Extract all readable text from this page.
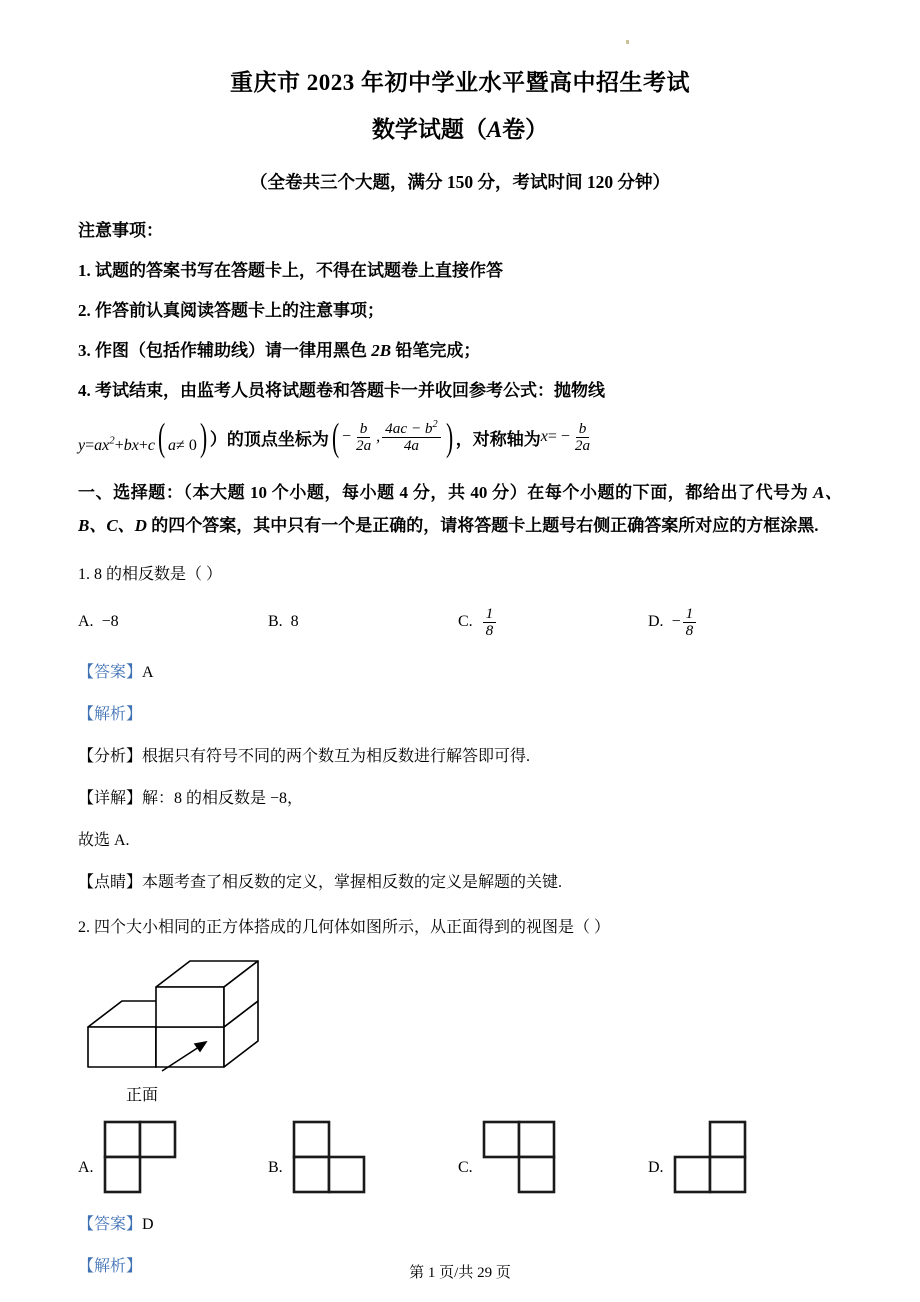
重庆市 2023 年初中学业水平暨高中招生考试
数学试题（A卷）
（全卷共三个大题，满分 150 分，考试时间 120 分钟）
注意事项：
1. 试题的答案书写在答题卡上，不得在试题卷上直接作答
2. 作答前认真阅读答题卡上的注意事项；
3. 作图（包括作辅助线）请一律用黑色 2B 铅笔完成；
4. 考试结束，由监考人员将试题卷和答题卡一并收回参考公式：抛物线
$y=ax^2+bx+c$( a≠ 0) ） 的顶点坐标为 ( − $\frac{b}{2a}$ , $\frac{4ac - b^2}{4a}$ ) ，对称轴为 $x= - \frac{b}{2a}$
一、选择题：（本大题 10 个小题，每小题 4 分，共 40 分）在每个小题的下面，都给出了代号为 A、B、C、D 的四个答案，其中只有一个是正确的，请将答题卡上题号右侧正确答案所对应的方框涂黑.
1. 8 的相反数是（ ）
A. −8	B. 8	C. $\frac{1}{8}$	D. − $\frac{1}{8}$
【答案】A
【解析】
【分析】根据只有符号不同的两个数互为相反数进行解答即可得.
【详解】解：8 的相反数是 −8，
故选 A.
【点睛】本题考查了相反数的定义，掌握相反数的定义是解题的关键.
2. 四个大小相同的正方体搭成的几何体如图所示，从正面得到的视图是（ ）
正面
A.	B.	C.	D.
【答案】D
【解析】	第 1 页/共 29 页
